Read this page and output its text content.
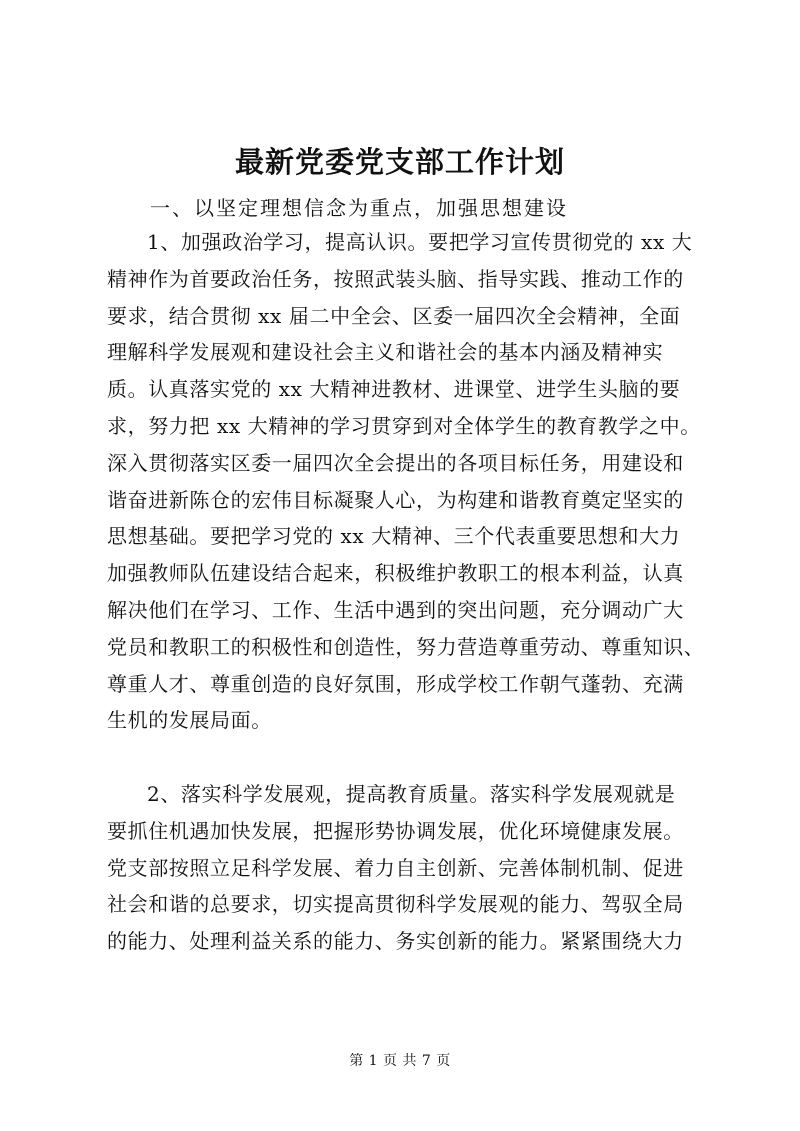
最新党委党支部工作计划
一、以坚定理想信念为重点，加强思想建设
1、加强政治学习，提高认识。要把学习宣传贯彻党的 xx 大
精神作为首要政治任务，按照武装头脑、指导实践、推动工作的
要求，结合贯彻 xx 届二中全会、区委一届四次全会精神，全面
理解科学发展观和建设社会主义和谐社会的基本内涵及精神实
质。认真落实党的 xx 大精神进教材、进课堂、进学生头脑的要
求，努力把 xx 大精神的学习贯穿到对全体学生的教育教学之中。
深入贯彻落实区委一届四次全会提出的各项目标任务，用建设和
谐奋进新陈仓的宏伟目标凝聚人心，为构建和谐教育奠定坚实的
思想基础。要把学习党的 xx 大精神、三个代表重要思想和大力
加强教师队伍建设结合起来，积极维护教职工的根本利益，认真
解决他们在学习、工作、生活中遇到的突出问题，充分调动广大
党员和教职工的积极性和创造性，努力营造尊重劳动、尊重知识、
尊重人才、尊重创造的良好氛围，形成学校工作朝气蓬勃、充满
生机的发展局面。
2、落实科学发展观，提高教育质量。落实科学发展观就是
要抓住机遇加快发展，把握形势协调发展，优化环境健康发展。
党支部按照立足科学发展、着力自主创新、完善体制机制、促进
社会和谐的总要求，切实提高贯彻科学发展观的能力、驾驭全局
的能力、处理利益关系的能力、务实创新的能力。紧紧围绕大力
第 1 页 共 7 页
